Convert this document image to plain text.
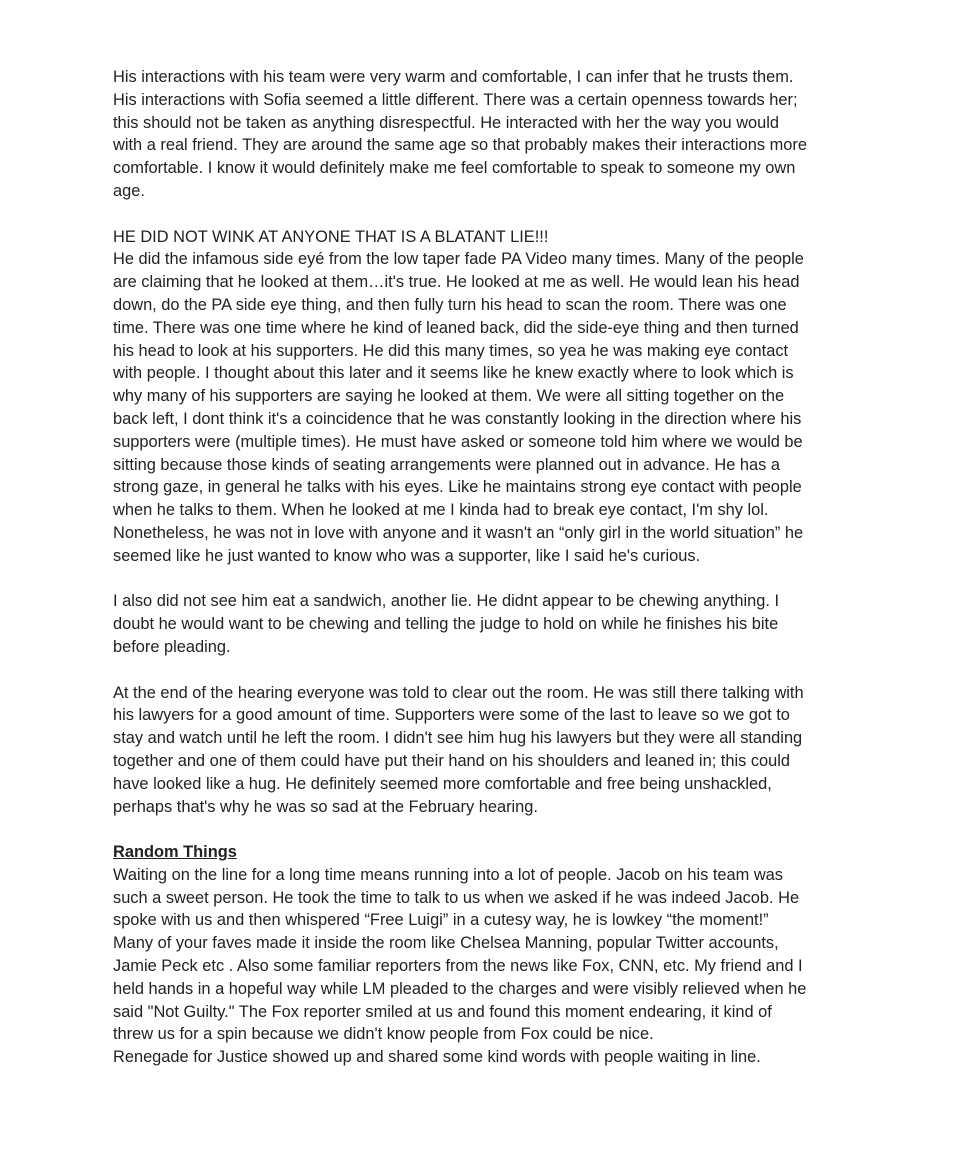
His interactions with his team were very warm and comfortable, I can infer that he trusts them.
His interactions with Sofia seemed a little different. There was a certain openness towards her;
this should not be taken as anything disrespectful. He interacted with her the way you would
with a real friend. They are around the same age so that probably makes their interactions more
comfortable. I know it would definitely make me feel comfortable to speak to someone my own
age.

HE DID NOT WINK AT ANYONE THAT IS A BLATANT LIE!!!
He did the infamous side eyé from the low taper fade PA Video many times. Many of the people
are claiming that he looked at them…it's true. He looked at me as well. He would lean his head
down, do the PA side eye thing, and then fully turn his head to scan the room. There was one
time. There was one time where he kind of leaned back, did the side-eye thing and then turned
his head to look at his supporters. He did this many times, so yea he was making eye contact
with people. I thought about this later and it seems like he knew exactly where to look which is
why many of his supporters are saying he looked at them. We were all sitting together on the
back left, I dont think it's a coincidence that he was constantly looking in the direction where his
supporters were (multiple times). He must have asked or someone told him where we would be
sitting because those kinds of seating arrangements were planned out in advance. He has a
strong gaze, in general he talks with his eyes. Like he maintains strong eye contact with people
when he talks to them. When he looked at me I kinda had to break eye contact, I'm shy lol.
Nonetheless, he was not in love with anyone and it wasn't an “only girl in the world situation” he
seemed like he just wanted to know who was a supporter, like I said he's curious.

I also did not see him eat a sandwich, another lie. He didnt appear to be chewing anything. I
doubt he would want to be chewing and telling the judge to hold on while he finishes his bite
before pleading.

At the end of the hearing everyone was told to clear out the room. He was still there talking with
his lawyers for a good amount of time. Supporters were some of the last to leave so we got to
stay and watch until he left the room. I didn't see him hug his lawyers but they were all standing
together and one of them could have put their hand on his shoulders and leaned in; this could
have looked like a hug. He definitely seemed more comfortable and free being unshackled,
perhaps that's why he was so sad at the February hearing.

Random Things
Waiting on the line for a long time means running into a lot of people. Jacob on his team was
such a sweet person. He took the time to talk to us when we asked if he was indeed Jacob. He
spoke with us and then whispered “Free Luigi” in a cutesy way, he is lowkey “the moment!”
Many of your faves made it inside the room like Chelsea Manning, popular Twitter accounts,
Jamie Peck etc . Also some familiar reporters from the news like Fox, CNN, etc. My friend and I
held hands in a hopeful way while LM pleaded to the charges and were visibly relieved when he
said "Not Guilty." The Fox reporter smiled at us and found this moment endearing, it kind of
threw us for a spin because we didn't know people from Fox could be nice.
Renegade for Justice showed up and shared some kind words with people waiting in line.
